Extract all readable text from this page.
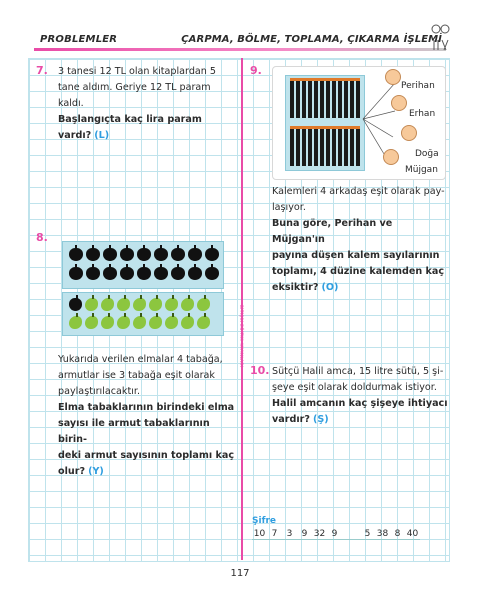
PROBLEMLER	ÇARPMA, BÖLME, TOPLAMA, ÇIKARMA İŞLEMİ
BİTİŞİK EĞİTİM YAYINLARI
7. 3 tanesi 12 TL olan kitaplardan 5
tane aldım. Geriye 12 TL param kaldı.
Başlangıçta kaç lira param vardı? (L)
8.
Yukarıda verilen elmalar 4 tabağa,
armutlar ise 3 tabağa eşit olarak
paylaştırılacaktır.
Elma tabaklarının birindeki elma
sayısı ile armut tabaklarının birin-
deki armut sayısının toplamı kaç
olur? (Y)
9.
Perihan
Erhan
Doğa
Müjgan
Kalemleri 4 arkadaş eşit olarak pay-
laşıyor.
Buna göre, Perihan ve Müjgan'ın
payına düşen kalem sayılarının
toplamı, 4 düzine kalemden kaç
eksiktir? (O)
10. Sütçü Halil amca, 15 litre sütü, 5 şi-
şeye eşit olarak doldurmak istiyor.
Halil amcanın kaç şişeye ihtiyacı
vardır? (Ş)
Şifre
10 7	3	9 32 9	5 38 8 40
117
